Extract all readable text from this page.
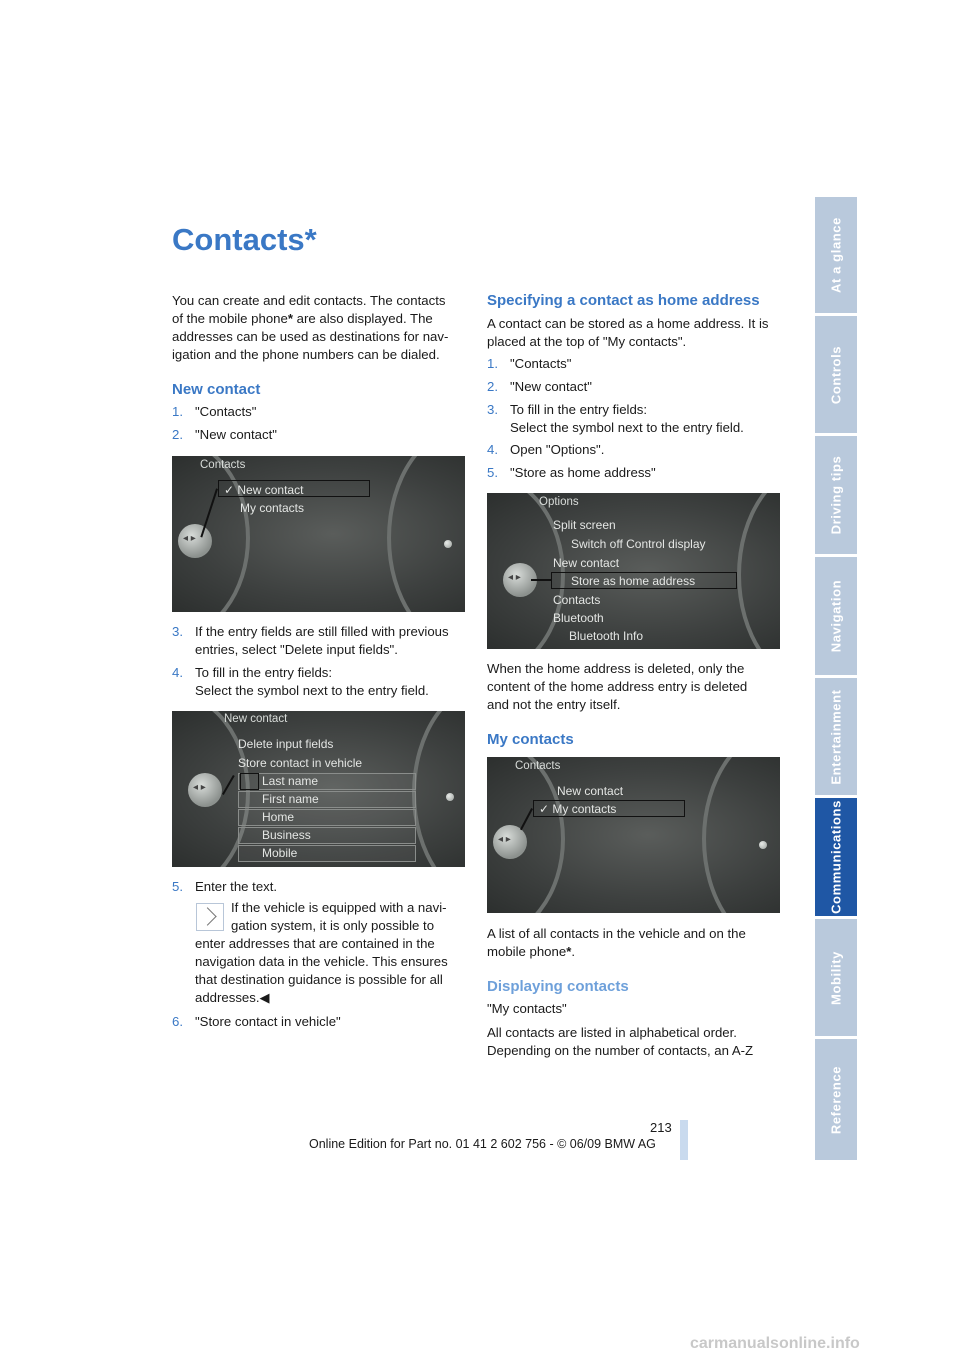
At a glance
Controls
Driving tips
Navigation
Entertainment
Communications
Mobility
Reference
Contacts*

You can create and edit contacts. The contacts
of the mobile phone* are also displayed. The
addresses can be used as destinations for nav-
igation and the phone numbers can be dialed.

New contact
1. "Contacts"
2. "New contact"
◂ ▸
Contacts
✓ New contact
My contacts
3. If the entry fields are still filled with previous
entries, select "Delete input fields".
4. To fill in the entry fields:
Select the symbol next to the entry field.
◂ ▸
New contact
Delete input fields
Store contact in vehicle
Last name
First name
Home
Business
Mobile
5. Enter the text.

If the vehicle is equipped with a navi-
gation system, it is only possible to

enter addresses that are contained in the
navigation data in the vehicle. This ensures
that destination guidance is possible for all
addresses.◀

6. "Store contact in vehicle"
Specifying a contact as home address

A contact can be stored as a home address. It is
placed at the top of "My contacts".

1. "Contacts"
2. "New contact"
3. To fill in the entry fields:
Select the symbol next to the entry field.
4. Open "Options".
5. "Store as home address"
◂ ▸
Options
Split screen
Switch off Control display
New contact
Store as home address
Contacts
Bluetooth
Bluetooth Info

When the home address is deleted, only the
content of the home address entry is deleted
and not the entry itself.

My contacts
◂ ▸
Contacts
New contact
✓ My contacts

A list of all contacts in the vehicle and on the
mobile phone*.

Displaying contacts

"My contacts"

All contacts are listed in alphabetical order.
Depending on the number of contacts, an A-Z

213
Online Edition for Part no. 01 41 2 602 756 - © 06/09 BMW AG
carmanualsonline.info
